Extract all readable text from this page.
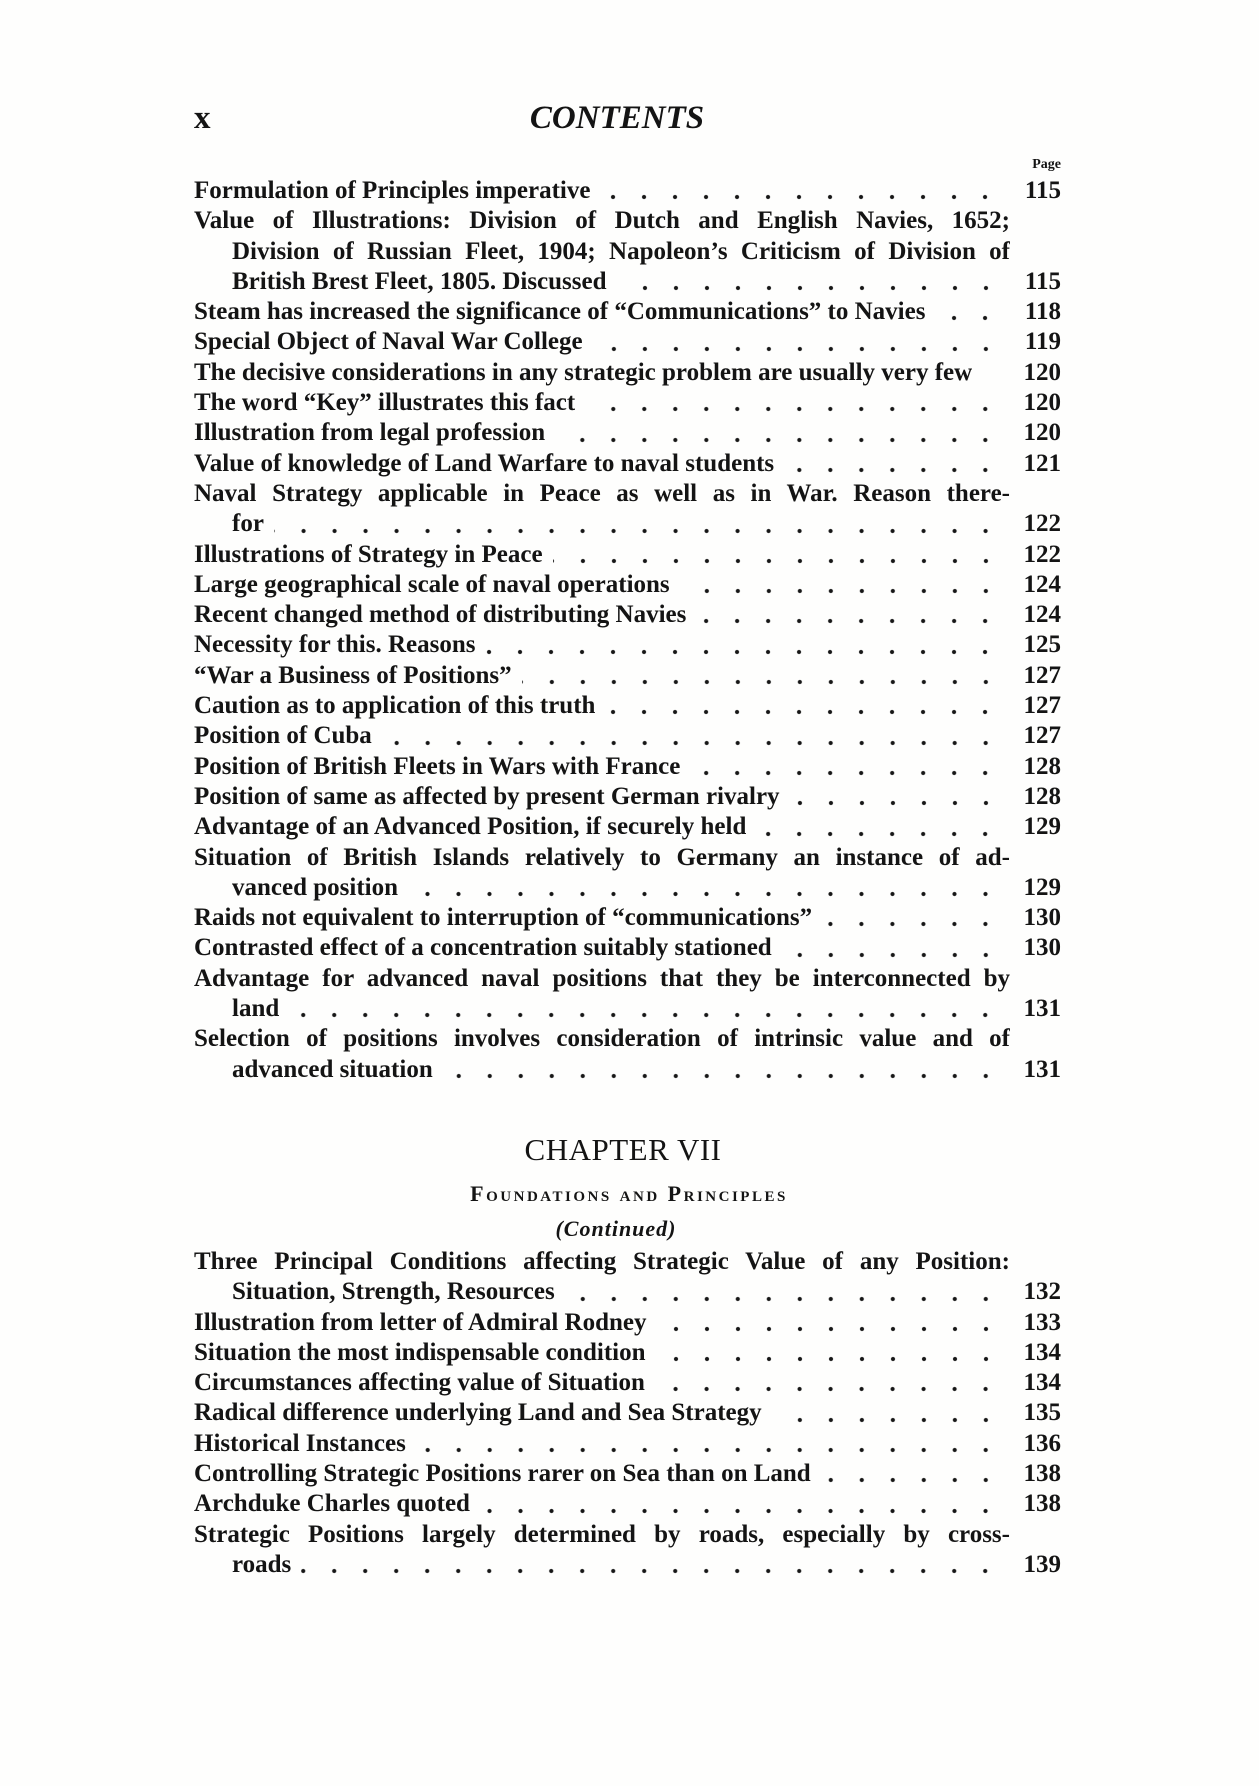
x	CONTENTS
Page
Formulation of Principles imperative	115
Value of Illustrations: Division of Dutch and English Navies, 1652;
Division of Russian Fleet, 1904; Napoleon’s Criticism of Division of
British Brest Fleet, 1805. Discussed	115
Steam has increased the significance of “Communications” to Navies	118
Special Object of Naval War College	119
The decisive considerations in any strategic problem are usually very few	120
The word “Key” illustrates this fact	120
Illustration from legal profession	120
Value of knowledge of Land Warfare to naval students	121
Naval Strategy applicable in Peace as well as in War. Reason there-
for	122
Illustrations of Strategy in Peace	122
Large geographical scale of naval operations	124
Recent changed method of distributing Navies	124
Necessity for this. Reasons	125
“War a Business of Positions”	127
Caution as to application of this truth	127
Position of Cuba	127
Position of British Fleets in Wars with France	128
Position of same as affected by present German rivalry	128
Advantage of an Advanced Position, if securely held	129
Situation of British Islands relatively to Germany an instance of ad-
vanced position	129
Raids not equivalent to interruption of “communications”	130
Contrasted effect of a concentration suitably stationed	130
Advantage for advanced naval positions that they be interconnected by
land	131
Selection of positions involves consideration of intrinsic value and of
advanced situation	131
CHAPTER VII
Foundations and Principles
(Continued)
Three Principal Conditions affecting Strategic Value of any Position:
Situation, Strength, Resources	132
Illustration from letter of Admiral Rodney	133
Situation the most indispensable condition	134
Circumstances affecting value of Situation	134
Radical difference underlying Land and Sea Strategy	135
Historical Instances	136
Controlling Strategic Positions rarer on Sea than on Land	138
Archduke Charles quoted	138
Strategic Positions largely determined by roads, especially by cross-
roads	139
